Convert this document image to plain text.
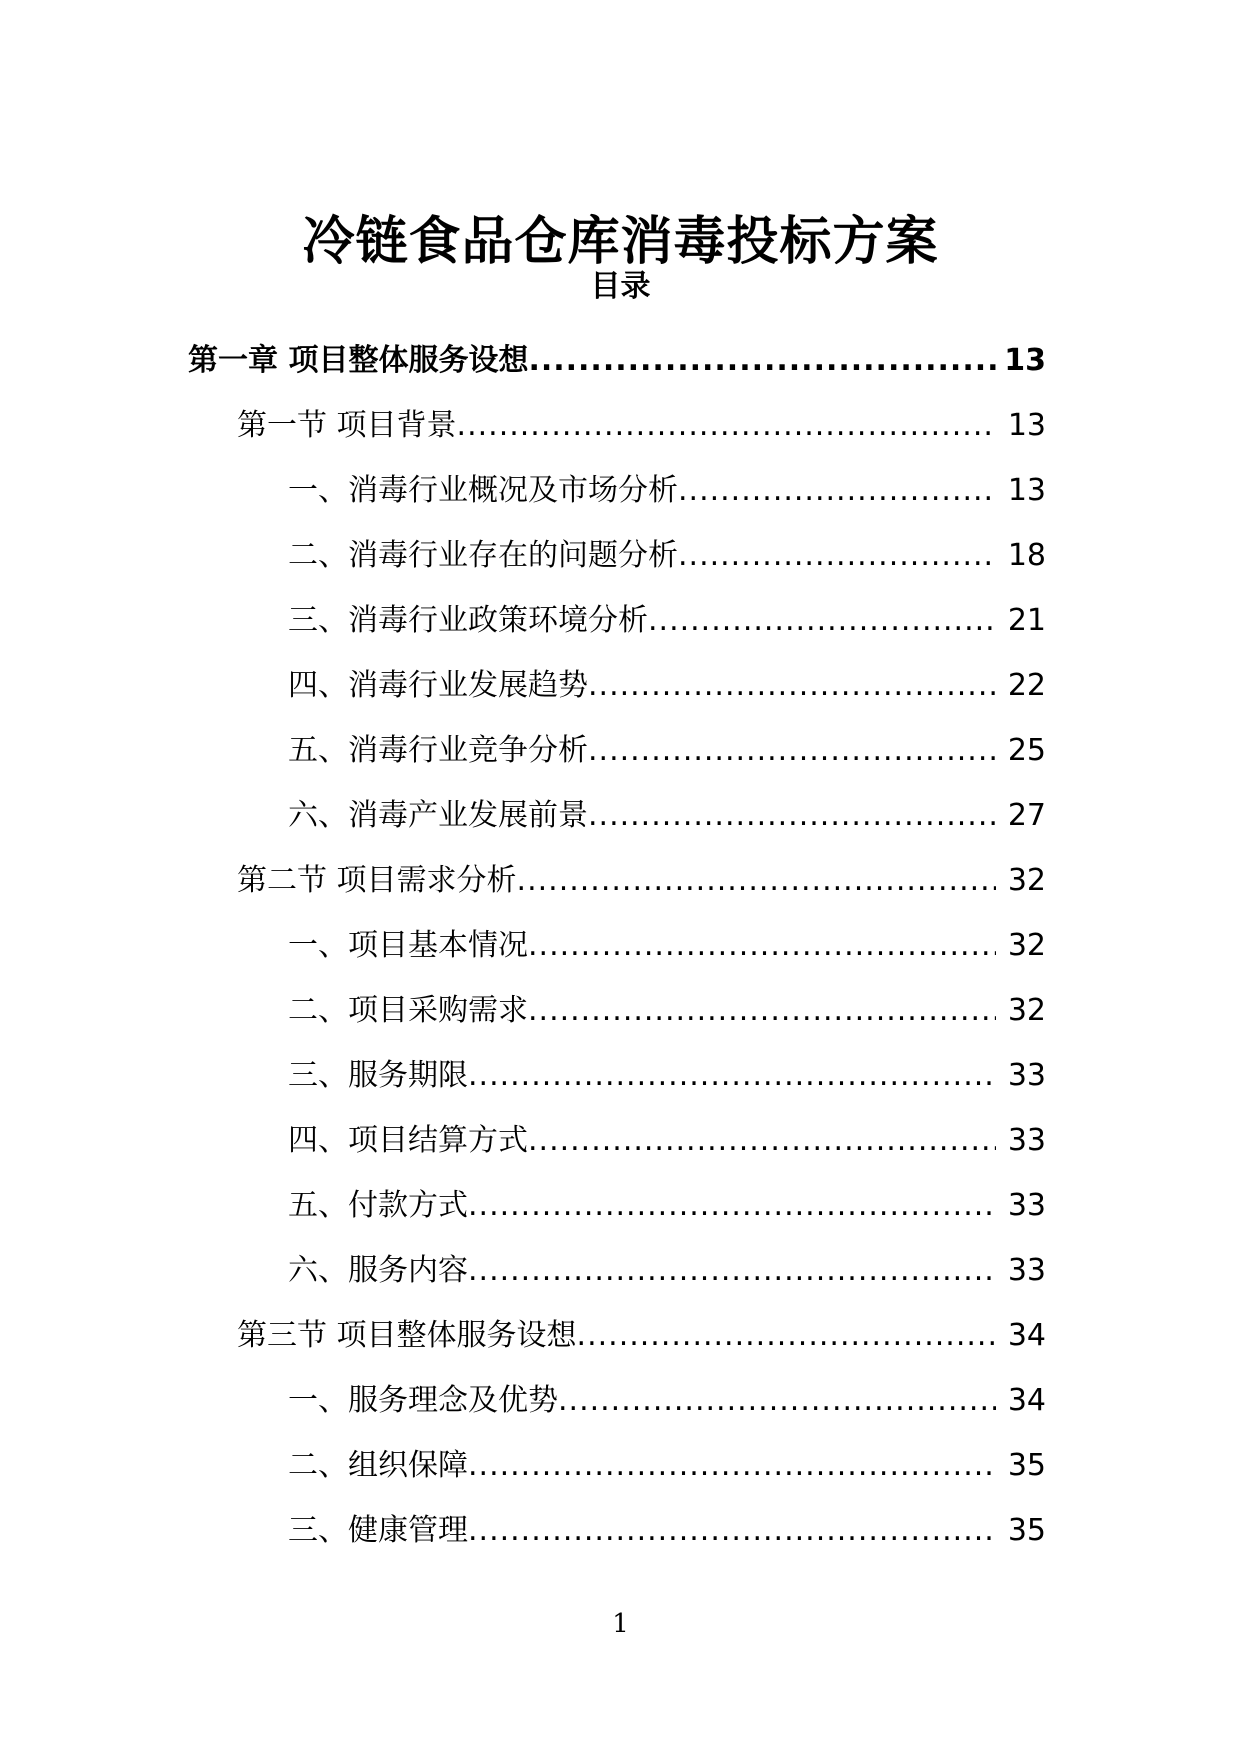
冷链食品仓库消毒投标方案
目录
第一章 项目整体服务设想 .....	13
第一节 项目背景 .....	13
一、消毒行业概况及市场分析 .....	13
二、消毒行业存在的问题分析 .....	18
三、消毒行业政策环境分析 .....	21
四、消毒行业发展趋势 .....	22
五、消毒行业竞争分析 .....	25
六、消毒产业发展前景 .....	27
第二节 项目需求分析 .....	32
一、项目基本情况 .....	32
二、项目采购需求 .....	32
三、服务期限 .....	33
四、项目结算方式 .....	33
五、付款方式 .....	33
六、服务内容 .....	33
第三节 项目整体服务设想 .....	34
一、服务理念及优势 .....	34
二、组织保障 .....	35
三、健康管理 .....	35
1
